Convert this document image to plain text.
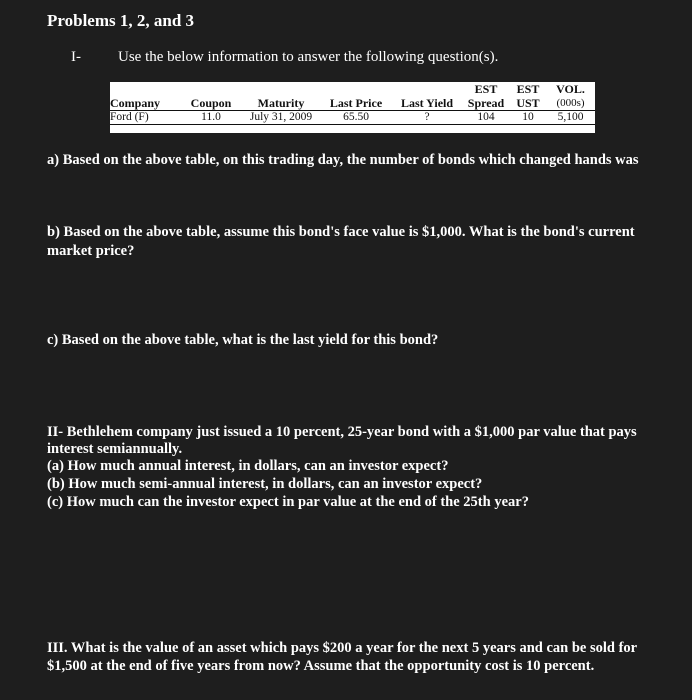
Problems 1, 2, and 3
I- Use the below information to answer the following question(s).
					EST	EST	VOL.
Company	Coupon	Maturity	Last Price	Last Yield	Spread	UST	(000s)
Ford (F)	11.0	July 31, 2009	65.50	?	104	10	5,100
a) Based on the above table, on this trading day, the number of bonds which changed hands was
b) Based on the above table, assume this bond's face value is $1,000. What is the bond's current
market price?
c) Based on the above table, what is the last yield for this bond?
II- Bethlehem company just issued a 10 percent, 25-year bond with a $1,000 par value that pays
interest semiannually.
(a) How much annual interest, in dollars, can an investor expect?
(b) How much semi-annual interest, in dollars, can an investor expect?
(c) How much can the investor expect in par value at the end of the 25th year?
III. What is the value of an asset which pays $200 a year for the next 5 years and can be sold for
$1,500 at the end of five years from now? Assume that the opportunity cost is 10 percent.
